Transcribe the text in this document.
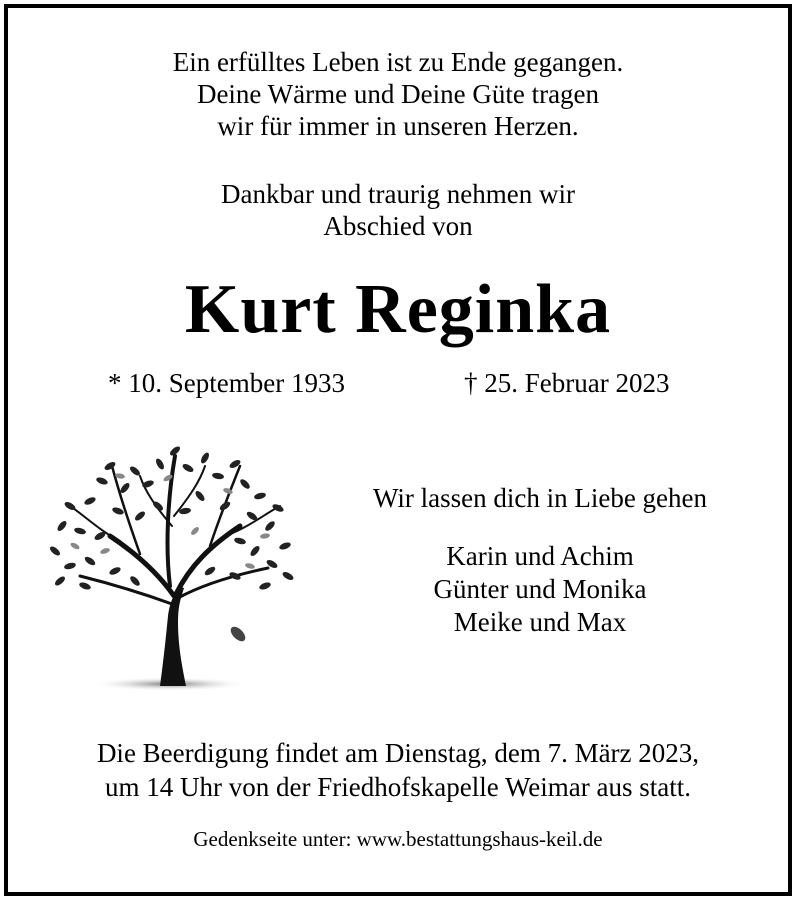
Ein erfülltes Leben ist zu Ende gegangen.
Deine Wärme und Deine Güte tragen
wir für immer in unseren Herzen.
Dankbar und traurig nehmen wir
Abschied von
Kurt Reginka
* 10. September 1933	† 25. Februar 2023
Wir lassen dich in Liebe gehen
Karin und Achim
Günter und Monika
Meike und Max
Die Beerdigung findet am Dienstag, dem 7. März 2023,
um 14 Uhr von der Friedhofskapelle Weimar aus statt.
Gedenkseite unter: www.bestattungshaus-keil.de
